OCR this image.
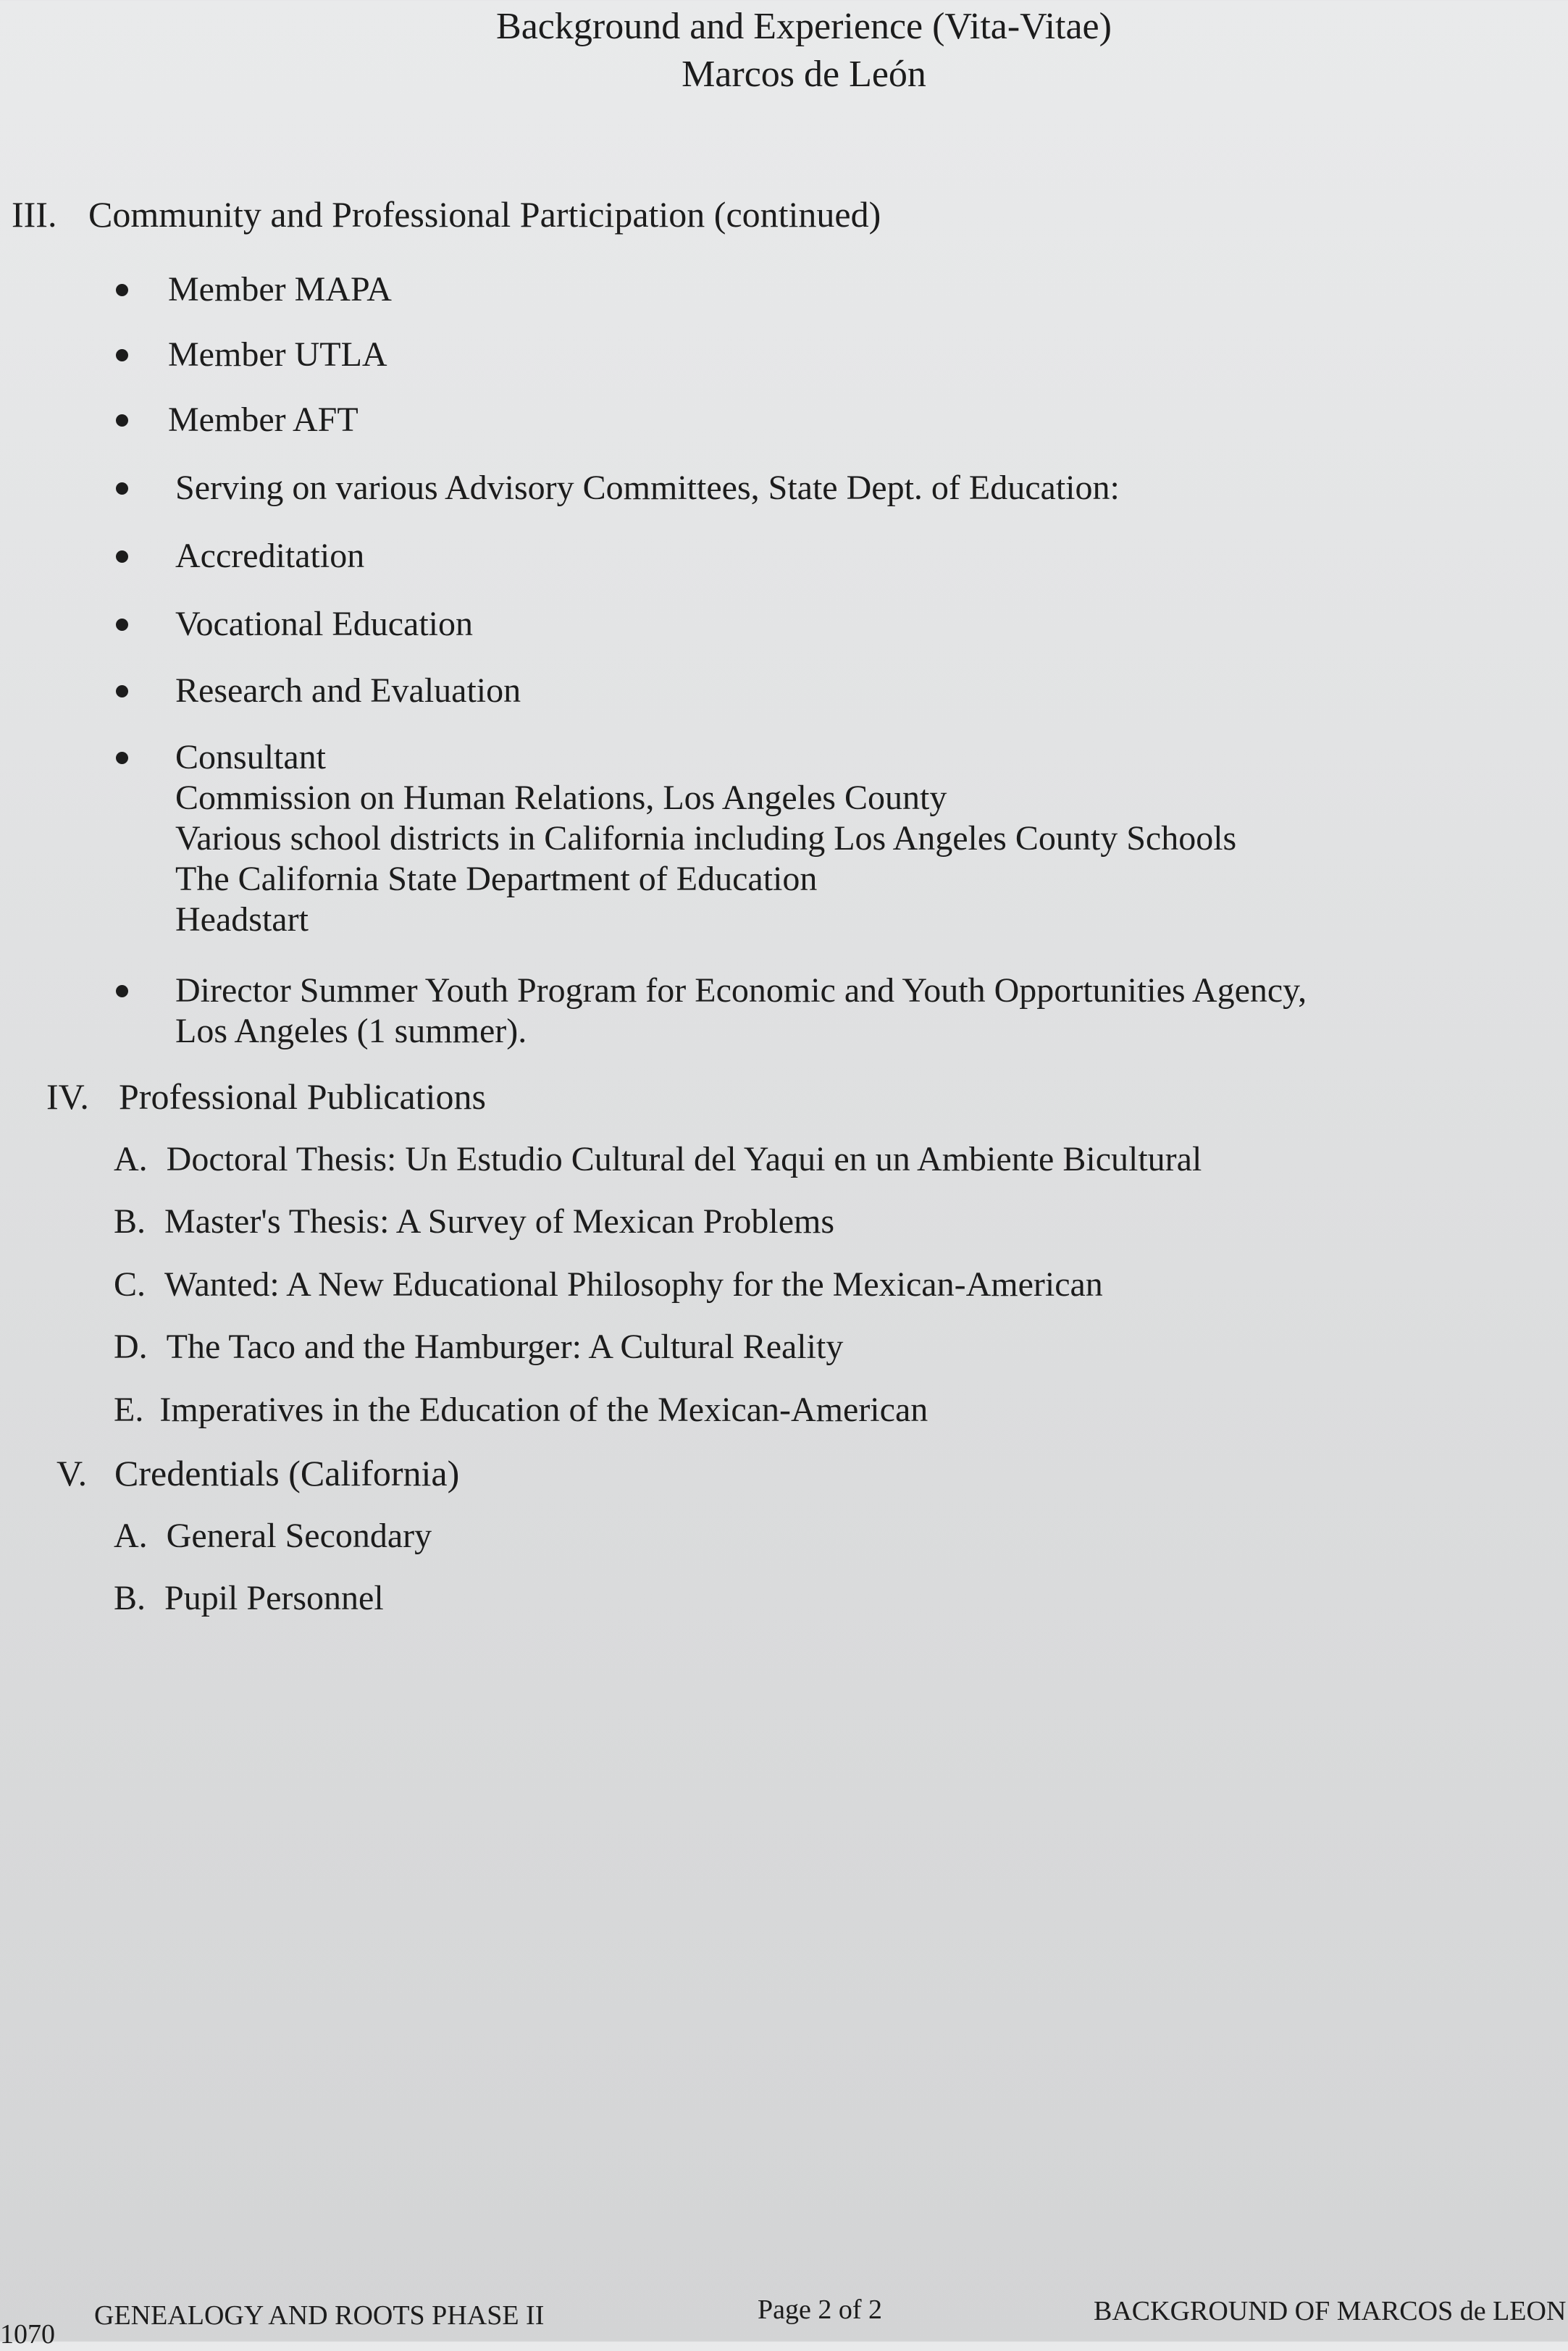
Background and Experience (Vita-Vitae)
Marcos de León
III. Community and Professional Participation (continued)
Member MAPA
Member UTLA
Member AFT
Serving on various Advisory Committees, State Dept. of Education:
Accreditation
Vocational Education
Research and Evaluation
Consultant
Commission on Human Relations, Los Angeles County
Various school districts in California including Los Angeles County Schools
The California State Department of Education
Headstart
Director Summer Youth Program for Economic and Youth Opportunities Agency,
Los Angeles (1 summer).
IV. Professional Publications
A. Doctoral Thesis: Un Estudio Cultural del Yaqui en un Ambiente Bicultural
B. Master's Thesis: A Survey of Mexican Problems
C. Wanted: A New Educational Philosophy for the Mexican-American
D. The Taco and the Hamburger: A Cultural Reality
E. Imperatives in the Education of the Mexican-American
V. Credentials (California)
A. General Secondary
B. Pupil Personnel
1070
GENEALOGY AND ROOTS PHASE II	Page 2 of 2	BACKGROUND OF MARCOS de LEON
